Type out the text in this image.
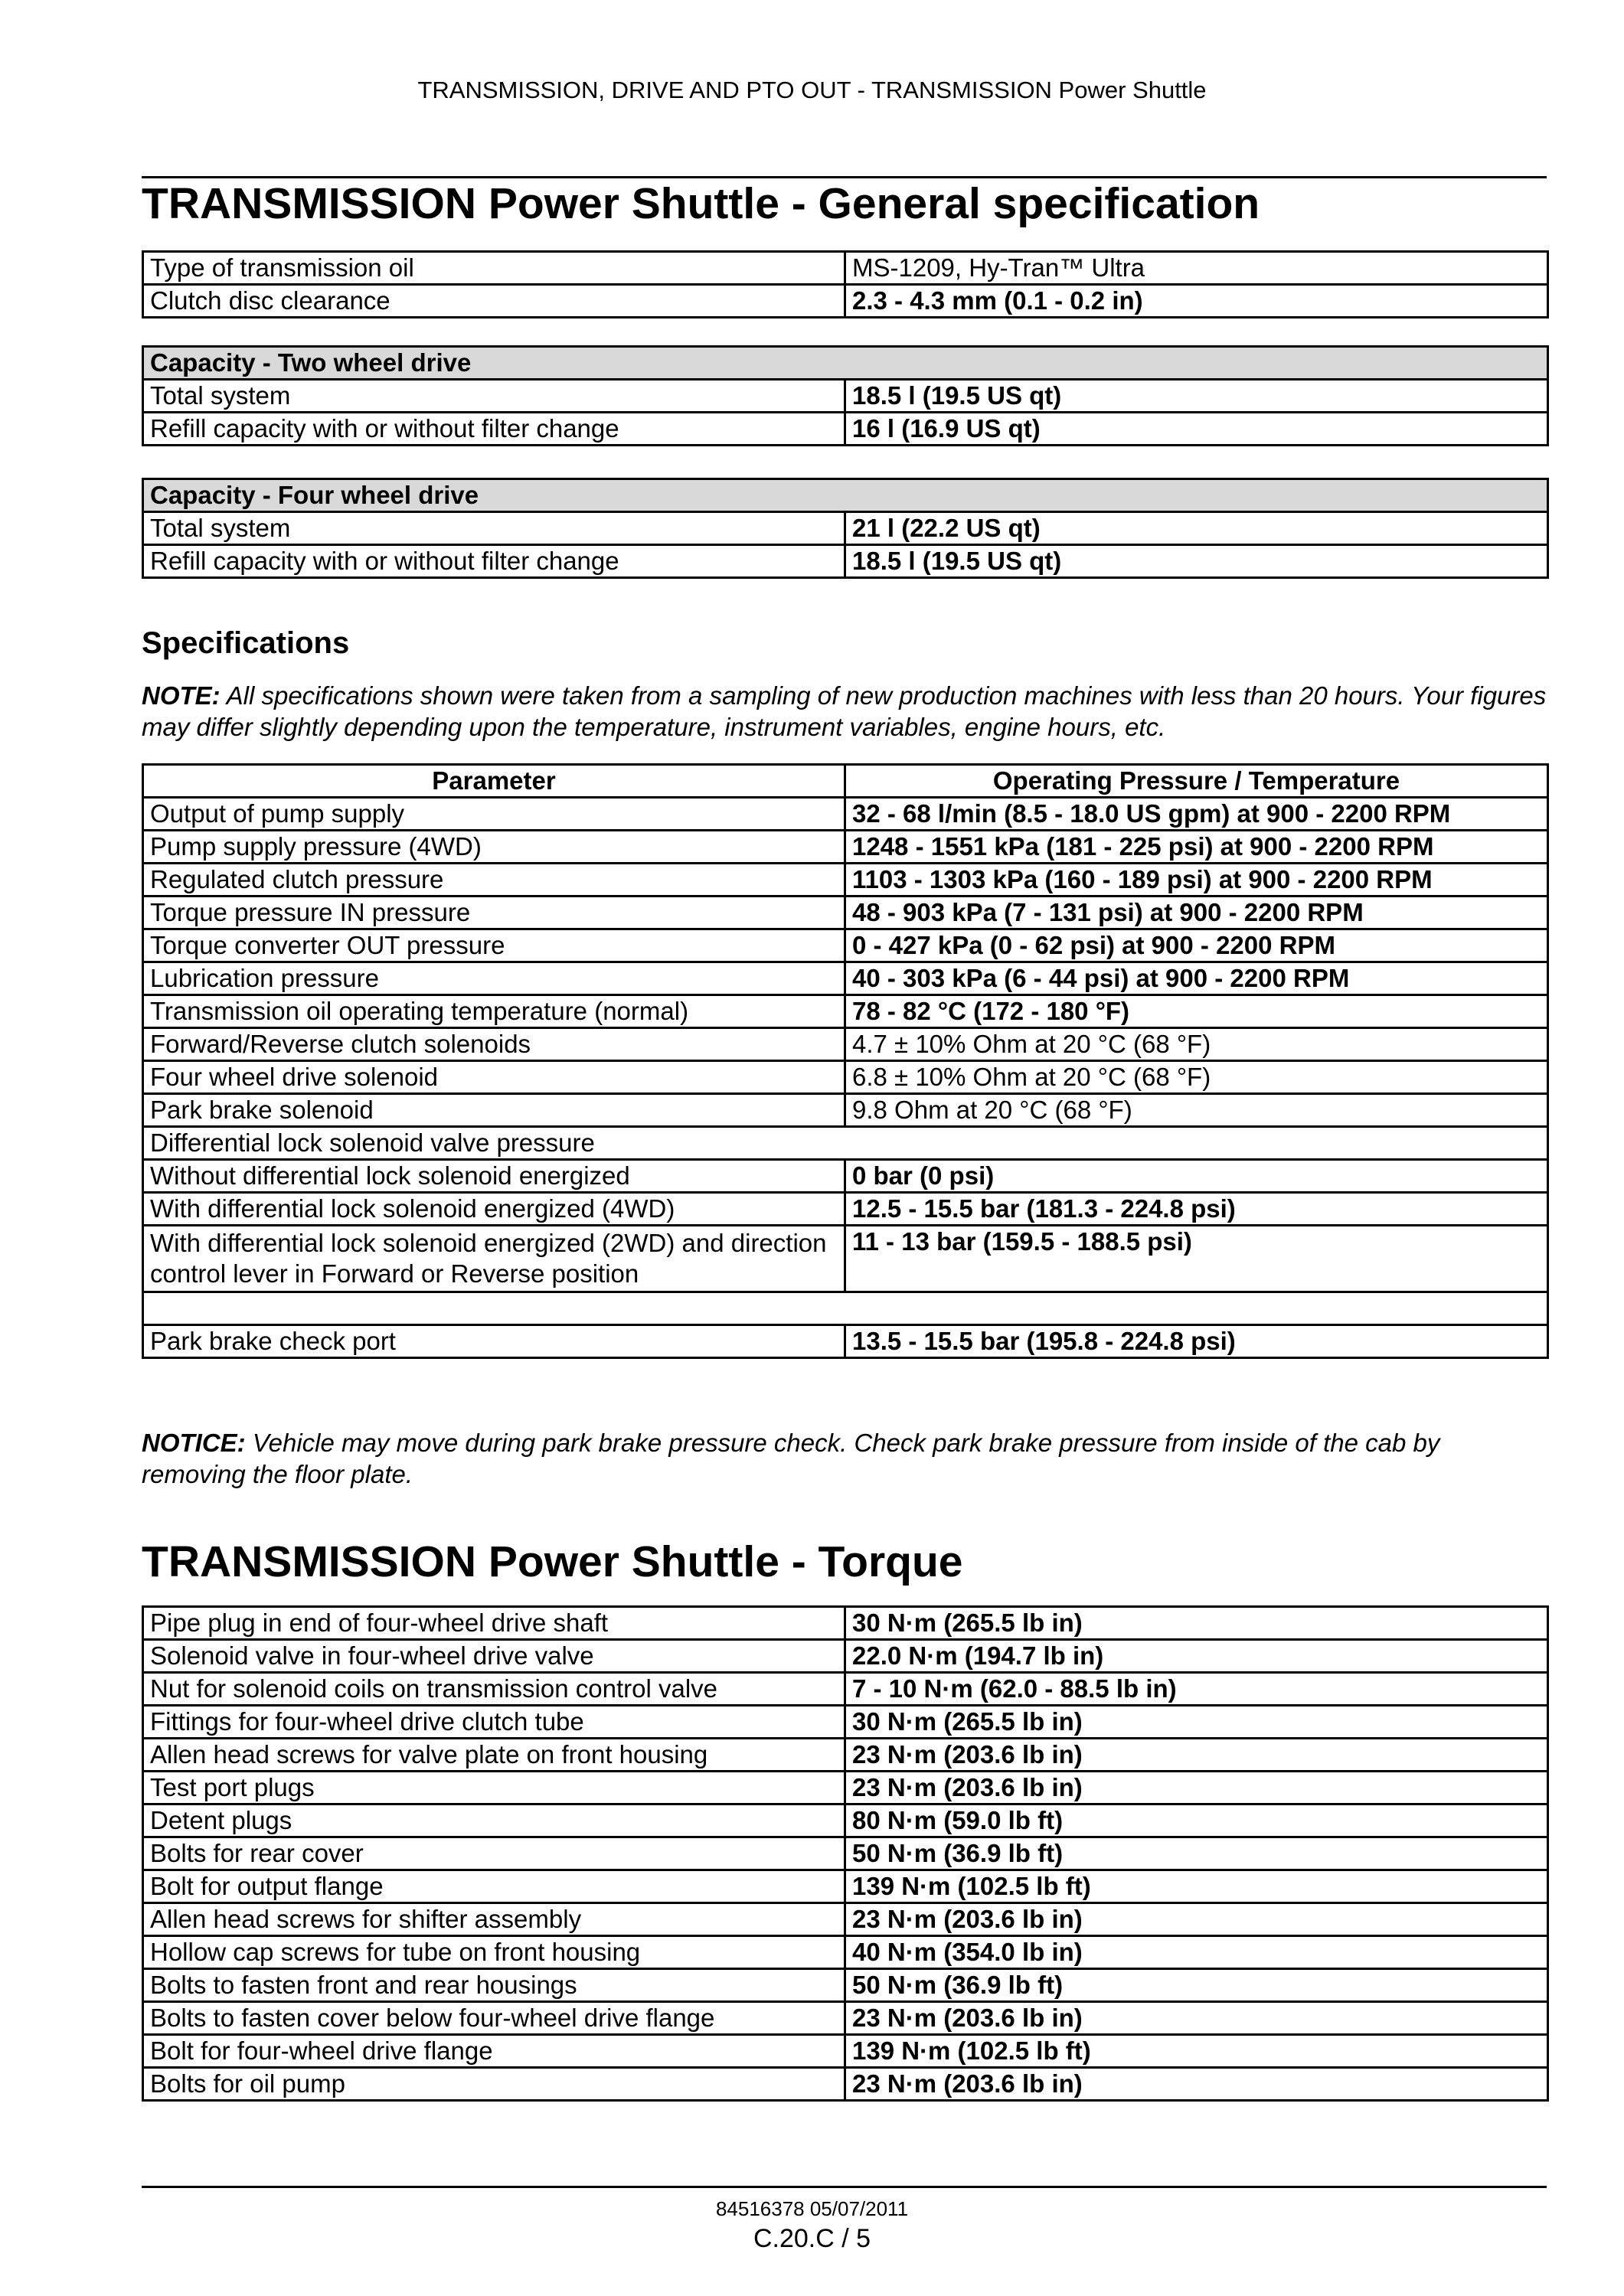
TRANSMISSION, DRIVE AND PTO OUT - TRANSMISSION Power Shuttle
TRANSMISSION Power Shuttle - General specification
Type of transmission oil	MS-1209, Hy-Tran™ Ultra
Clutch disc clearance	2.3 - 4.3 mm (0.1 - 0.2 in)
Capacity - Two wheel drive	
Total system	18.5 l (19.5 US qt)
Refill capacity with or without filter change	16 l (16.9 US qt)
Capacity - Four wheel drive	
Total system	21 l (22.2 US qt)
Refill capacity with or without filter change	18.5 l (19.5 US qt)
Specifications
NOTE: All specifications shown were taken from a sampling of new production machines with less than 20 hours. Your figures may differ slightly depending upon the temperature, instrument variables, engine hours, etc.
Parameter	Operating Pressure / Temperature
Output of pump supply	32 - 68 l/min (8.5 - 18.0 US gpm) at 900 - 2200 RPM
Pump supply pressure (4WD)	1248 - 1551 kPa (181 - 225 psi) at 900 - 2200 RPM
Regulated clutch pressure	1103 - 1303 kPa (160 - 189 psi) at 900 - 2200 RPM
Torque pressure IN pressure	48 - 903 kPa (7 - 131 psi) at 900 - 2200 RPM
Torque converter OUT pressure	0 - 427 kPa (0 - 62 psi) at 900 - 2200 RPM
Lubrication pressure	40 - 303 kPa (6 - 44 psi) at 900 - 2200 RPM
Transmission oil operating temperature (normal)	78 - 82 °C (172 - 180 °F)
Forward/Reverse clutch solenoids	4.7 ± 10% Ohm at 20 °C (68 °F)
Four wheel drive solenoid	6.8 ± 10% Ohm at 20 °C (68 °F)
Park brake solenoid	9.8 Ohm at 20 °C (68 °F)
Differential lock solenoid valve pressure	
Without differential lock solenoid energized	0 bar (0 psi)
With differential lock solenoid energized (4WD)	12.5 - 15.5 bar (181.3 - 224.8 psi)
With differential lock solenoid energized (2WD) and direction control lever in Forward or Reverse position	11 - 13 bar (159.5 - 188.5 psi)

Park brake check port	13.5 - 15.5 bar (195.8 - 224.8 psi)
NOTICE: Vehicle may move during park brake pressure check. Check park brake pressure from inside of the cab by removing the floor plate.
TRANSMISSION Power Shuttle - Torque
Pipe plug in end of four-wheel drive shaft	30 N·m (265.5 lb in)
Solenoid valve in four-wheel drive valve	22.0 N·m (194.7 lb in)
Nut for solenoid coils on transmission control valve	7 - 10 N·m (62.0 - 88.5 lb in)
Fittings for four-wheel drive clutch tube	30 N·m (265.5 lb in)
Allen head screws for valve plate on front housing	23 N·m (203.6 lb in)
Test port plugs	23 N·m (203.6 lb in)
Detent plugs	80 N·m (59.0 lb ft)
Bolts for rear cover	50 N·m (36.9 lb ft)
Bolt for output flange	139 N·m (102.5 lb ft)
Allen head screws for shifter assembly	23 N·m (203.6 lb in)
Hollow cap screws for tube on front housing	40 N·m (354.0 lb in)
Bolts to fasten front and rear housings	50 N·m (36.9 lb ft)
Bolts to fasten cover below four-wheel drive flange	23 N·m (203.6 lb in)
Bolt for four-wheel drive flange	139 N·m (102.5 lb ft)
Bolts for oil pump	23 N·m (203.6 lb in)
84516378 05/07/2011
C.20.C / 5
